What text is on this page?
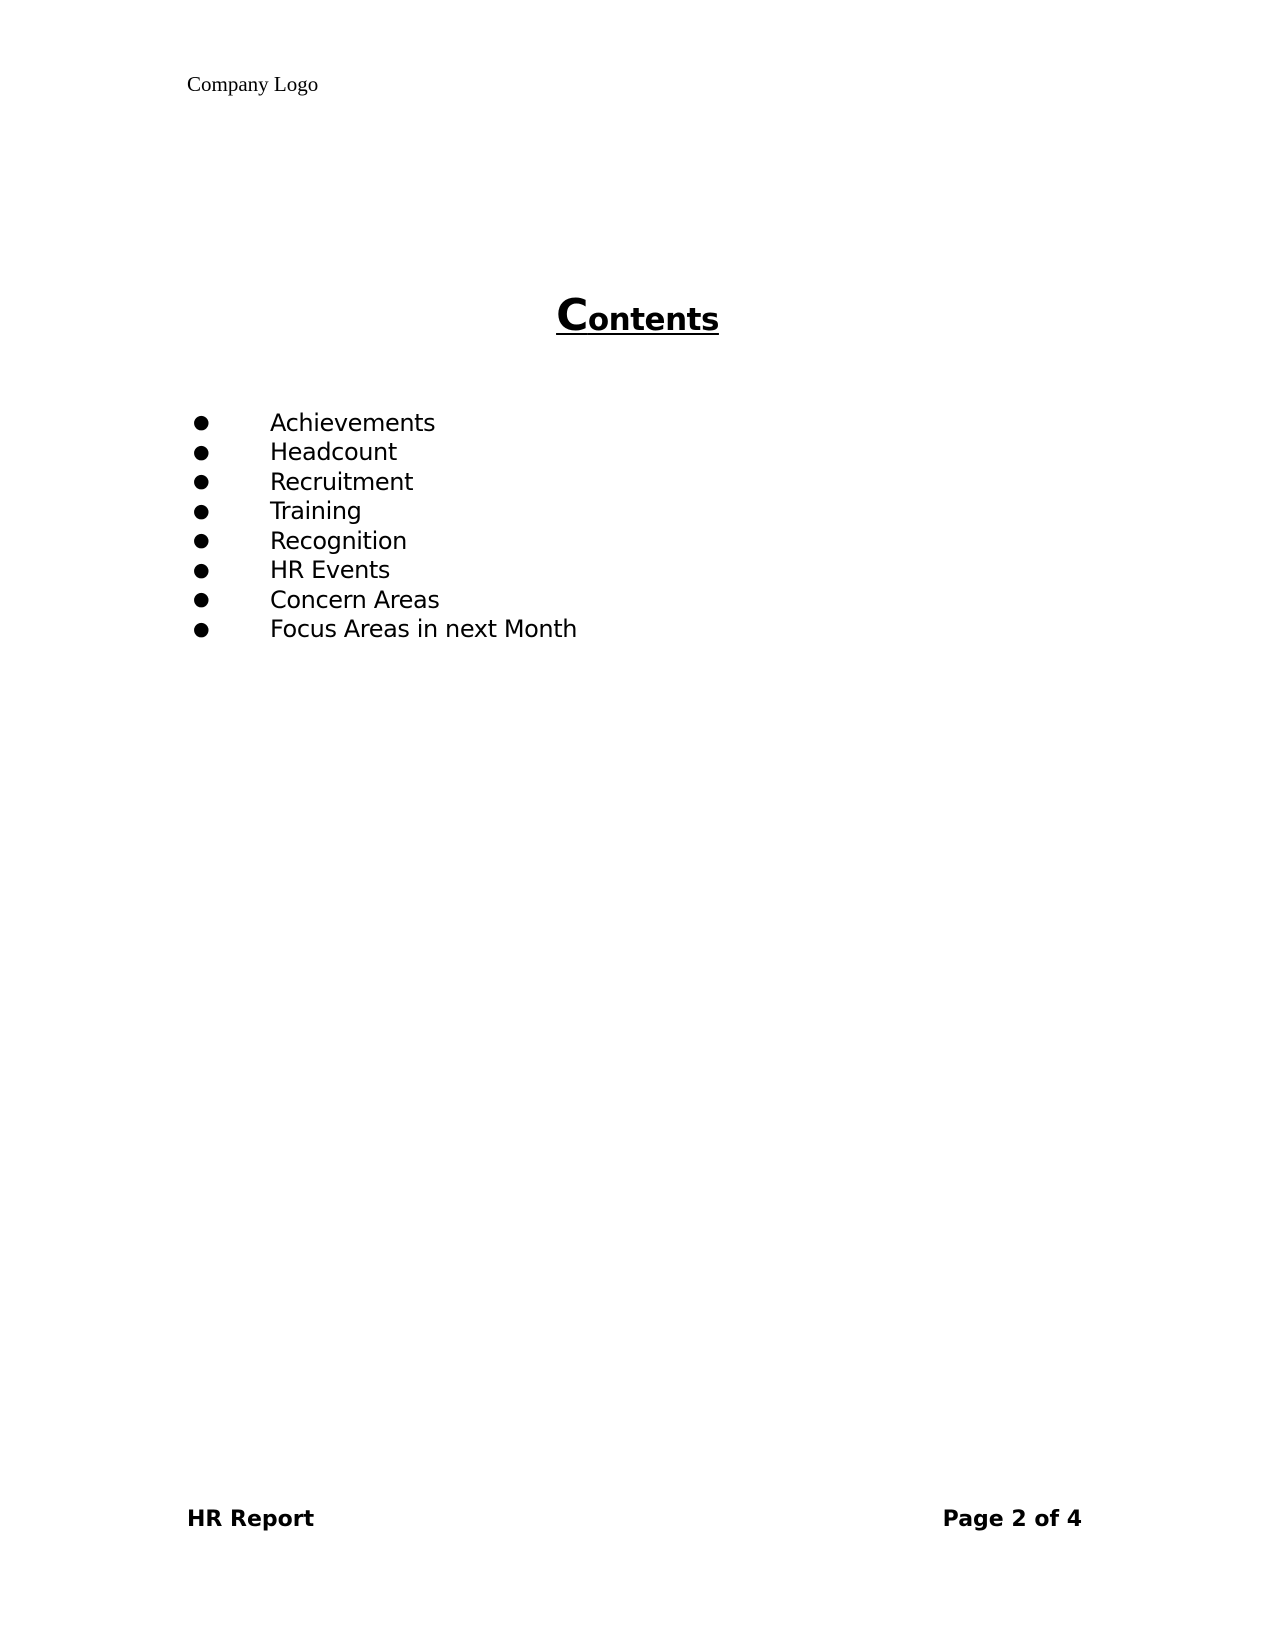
Company Logo
Contents
●	Achievements
●	Headcount
●	Recruitment
●	Training
●	Recognition
●	HR Events
●	Concern Areas
●	Focus Areas in next Month
HR Report	Page 2 of 4
